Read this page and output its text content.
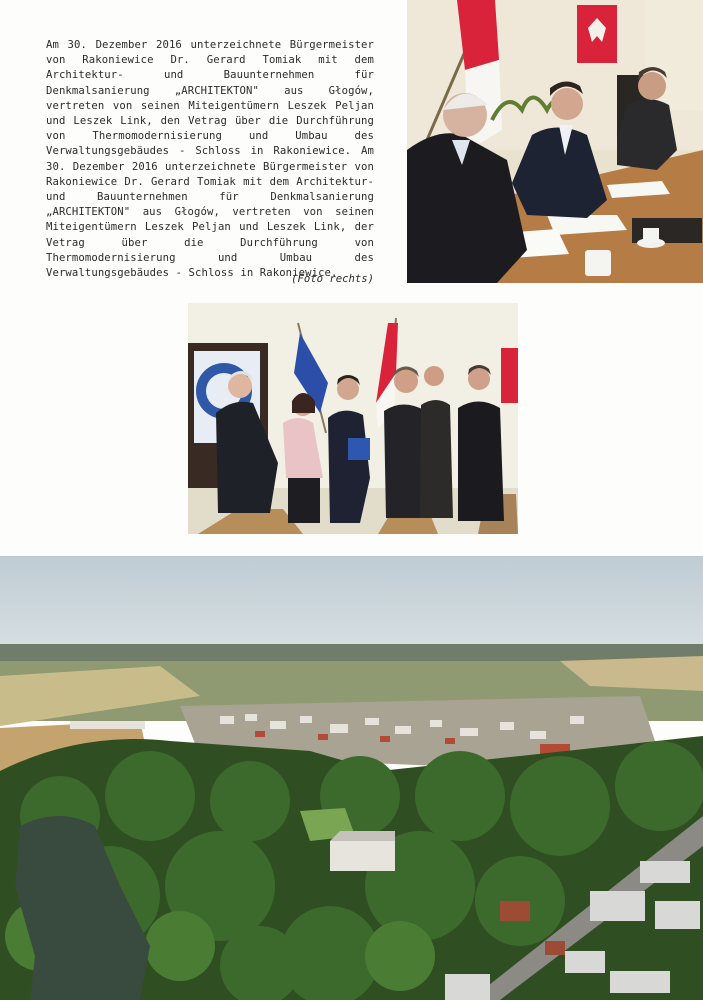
Am 30. Dezember 2016 unterzeichnete Bürgermeister von Rakoniewice Dr. Gerard Tomiak mit dem Architektur- und Bauunternehmen für Denkmalsanierung „ARCHITEKTON" aus Głogów, vertreten von seinen Miteigentümern Leszek Peljan und Leszek Link, den Vetrag über die Durchführung von Thermomodernisierung und Umbau des Verwaltungsgebäudes - Schloss in Rakoniewice. Am 30. Dezember 2016 unterzeichnete Bürgermeister von Rakoniewice Dr. Gerard Tomiak mit dem Architektur- und Bauunternehmen für Denkmalsanierung „ARCHITEKTON" aus Głogów, vertreten von seinen Miteigentümern Leszek Peljan und Leszek Link, der Vetrag über die Durchführung von Thermomodernisierung und Umbau des Verwaltungsgebäudes - Schloss in Rakoniewice.
(Foto rechts)
